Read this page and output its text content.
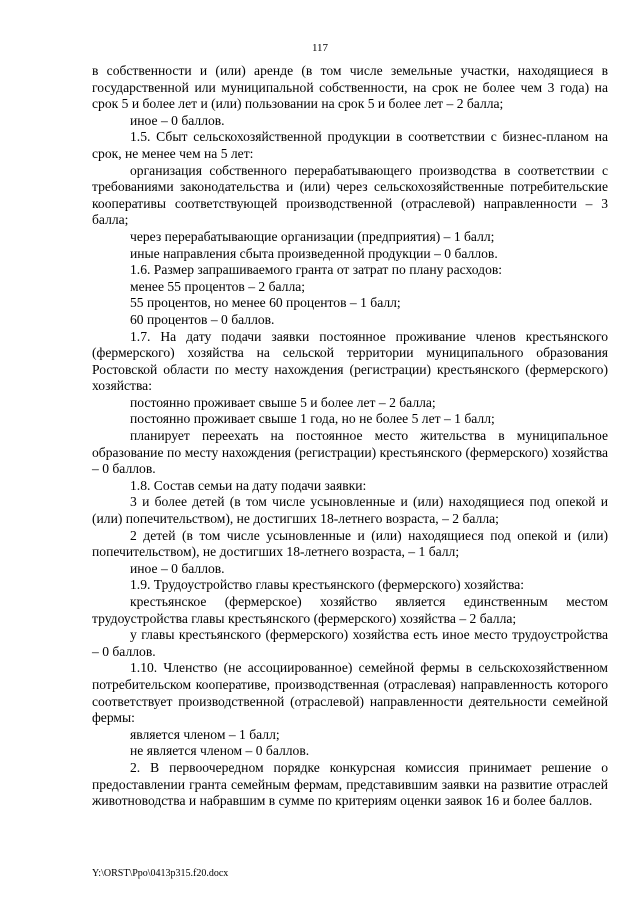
117

в собственности и (или) аренде (в том числе земельные участки, находящиеся в государственной или муниципальной собственности, на срок не более чем 3 года) на срок 5 и более лет и (или) пользовании на срок 5 и более лет – 2 балла;

иное – 0 баллов.

1.5. Сбыт сельскохозяйственной продукции в соответствии с бизнес-планом на срок, не менее чем на 5 лет:

организация собственного перерабатывающего производства в соответствии с требованиями законодательства и (или) через сельскохозяйственные потребительские кооперативы соответствующей производственной (отраслевой) направленности – 3 балла;

через перерабатывающие организации (предприятия) – 1 балл;

иные направления сбыта произведенной продукции – 0 баллов.

1.6. Размер запрашиваемого гранта от затрат по плану расходов:

менее 55 процентов – 2 балла;

55 процентов, но менее 60 процентов – 1 балл;

60 процентов – 0 баллов.

1.7. На дату подачи заявки постоянное проживание членов крестьянского (фермерского) хозяйства на сельской территории муниципального образования Ростовской области по месту нахождения (регистрации) крестьянского (фермерского) хозяйства:

постоянно проживает свыше 5 и более лет – 2 балла;

постоянно проживает свыше 1 года, но не более 5 лет – 1 балл;

планирует переехать на постоянное место жительства в муниципальное образование по месту нахождения (регистрации) крестьянского (фермерского) хозяйства – 0 баллов.

1.8. Состав семьи на дату подачи заявки:

3 и более детей (в том числе усыновленные и (или) находящиеся под опекой и (или) попечительством), не достигших 18-летнего возраста, – 2 балла;

2 детей (в том числе усыновленные и (или) находящиеся под опекой и (или) попечительством), не достигших 18-летнего возраста, – 1 балл;

иное – 0 баллов.

1.9. Трудоустройство главы крестьянского (фермерского) хозяйства:

крестьянское (фермерское) хозяйство является единственным местом трудоустройства главы крестьянского (фермерского) хозяйства – 2 балла;

у главы крестьянского (фермерского) хозяйства есть иное место трудоустройства – 0 баллов.

1.10. Членство (не ассоциированное) семейной фермы в сельскохозяйственном потребительском кооперативе, производственная (отраслевая) направленность которого соответствует производственной (отраслевой) направленности деятельности семейной фермы:

является членом – 1 балл;

не является членом – 0 баллов.

2. В первоочередном порядке конкурсная комиссия принимает решение о предоставлении гранта семейным фермам, представившим заявки на развитие отраслей животноводства и набравшим в сумме по критериям оценки заявок 16 и более баллов.

Y:\ORST\Ppo\0413p315.f20.docx
